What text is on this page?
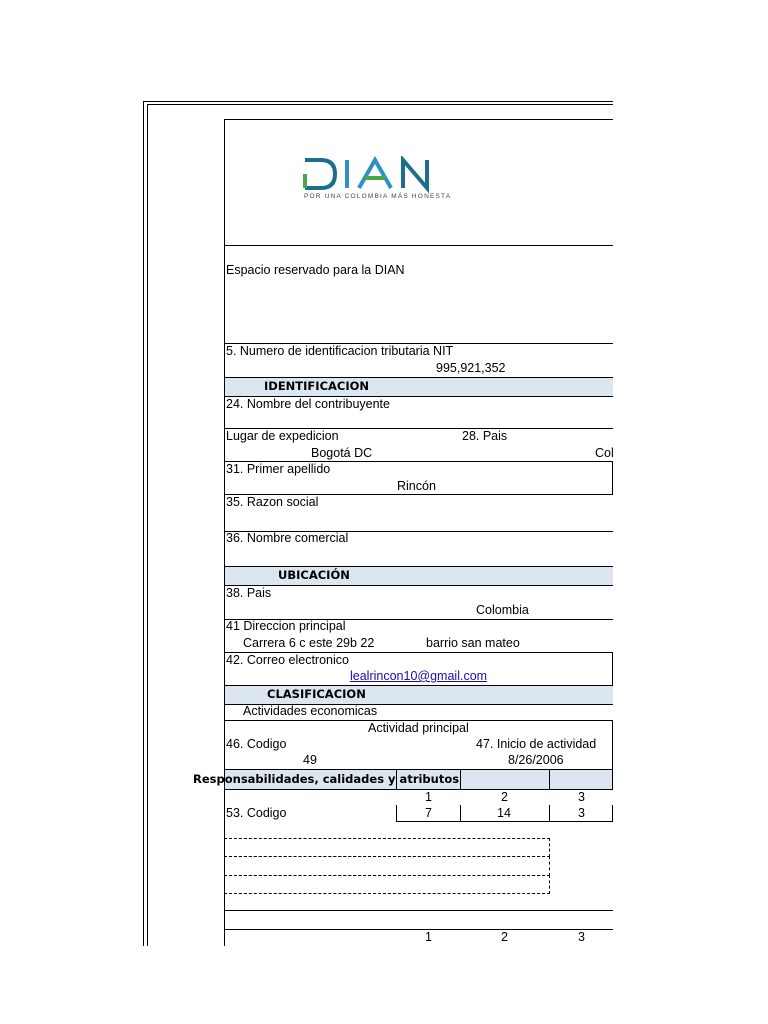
POR UNA COLOMBIA MÁS HONESTA
Espacio reservado para la DIAN
5. Numero de identificacion tributaria NIT
995,921,352
IDENTIFICACION
24. Nombre del contribuyente
Lugar de expedicion	28. Pais
Bogotá DC	Col
31. Primer apellido
Rincón
35. Razon social
36. Nombre comercial
UBICACIÓN
38. Pais
Colombia
41 Direccion principal
Carrera 6 c este 29b 22	barrio san mateo
42. Correo electronico
lealrincon10@gmail.com
CLASIFICACION
Actividades economicas
Actividad principal
46. Codigo	47. Inicio de actividad
49	8/26/2006
Responsabilidades, calidades y atributos
1	2	3
53. Codigo	7	14	3
1	2	3
